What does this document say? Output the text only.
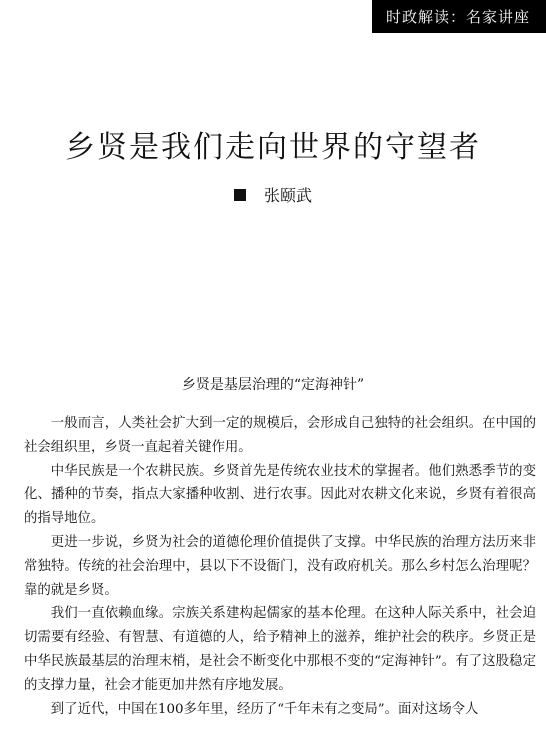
时政解读：名家讲座
乡贤是我们走向世界的守望者
张颐武
乡贤是基层治理的“定海神针”

一般而言，人类社会扩大到一定的规模后，会形成自己独特的社会组织。在中国的社会组织里，乡贤一直起着关键作用。

中华民族是一个农耕民族。乡贤首先是传统农业技术的掌握者。他们熟悉季节的变化、播种的节奏，指点大家播种收割、进行农事。因此对农耕文化来说，乡贤有着很高的指导地位。

更进一步说，乡贤为社会的道德伦理价值提供了支撑。中华民族的治理方法历来非常独特。传统的社会治理中，县以下不设衙门，没有政府机关。那么乡村怎么治理呢？靠的就是乡贤。

我们一直依赖血缘。宗族关系建构起儒家的基本伦理。在这种人际关系中，社会迫切需要有经验、有智慧、有道德的人，给予精神上的滋养，维护社会的秩序。乡贤正是中华民族最基层的治理末梢，是社会不断变化中那根不变的“定海神针”。有了这股稳定的支撑力量，社会才能更加井然有序地发展。

到了近代，中国在100多年里，经历了“千年未有之变局”。面对这场令人
